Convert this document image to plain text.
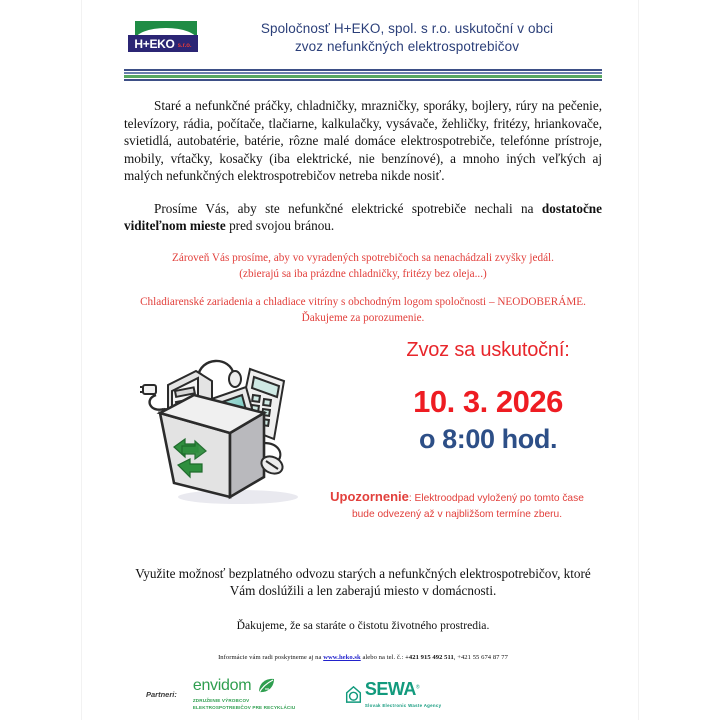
H+EKO s.r.o.
Spoločnosť H+EKO, spol. s r.o. uskutoční v obci
zvoz nefunkčných elektrospotrebičov
Staré a nefunkčné práčky, chladničky, mrazničky, sporáky, bojlery, rúry na pečenie, televízory, rádia, počítače, tlačiarne, kalkulačky, vysávače, žehličky, fritézy, hriankovače, svietidlá, autobatérie, batérie, rôzne malé domáce elektrospotrebiče, telefónne prístroje, mobily, vŕtačky, kosačky (iba elektrické, nie benzínové), a mnoho iných veľkých aj malých nefunkčných elektrospotrebičov netreba nikde nosiť.
Prosíme Vás, aby ste nefunkčné elektrické spotrebiče nechali na dostatočne viditeľnom mieste pred svojou bránou.
Zároveň Vás prosíme, aby vo vyradených spotrebičoch sa nenachádzali zvyšky jedál.
(zbierajú sa iba prázdne chladničky, fritézy bez oleja...)
Chladiarenské zariadenia a chladiace vitríny s obchodným logom spoločnosti – NEODOBERÁME.
Ďakujeme za porozumenie.
Zvoz sa uskutoční:
10. 3. 2026
o 8:00 hod.
Upozornenie: Elektroodpad vyložený po tomto čase
bude odvezený až v najbližšom termíne zberu.
Využite možnosť bezplatného odvozu starých a nefunkčných elektrospotrebičov, ktoré
Vám doslúžili a len zaberajú miesto v domácnosti.
Ďakujeme, že sa staráte o čistotu životného prostredia.
Informácie vám radi poskytneme aj na www.heko.sk alebo na tel. č.: +421 915 492 511, +421 55 674 87 77
Partneri:
envidom
ZDRUŽENIE VÝROBCOV
ELEKTROSPOTREBIČOV PRE RECYKLÁCIU
SEWA®
Slovak Electronic Waste Agency
